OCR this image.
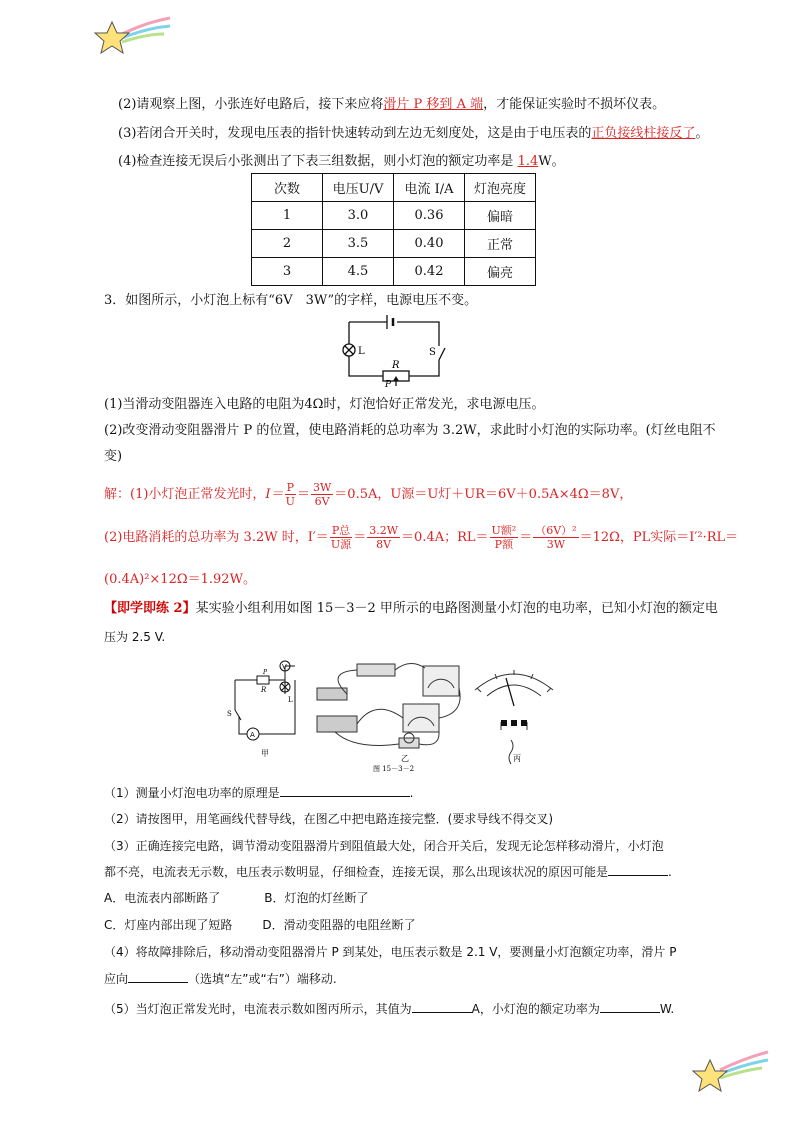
(2)请观察上图，小张连好电路后，接下来应将滑片 P 移到 A 端，才能保证实验时不损坏仪表。
(3)若闭合开关时，发现电压表的指针快速转动到左边无刻度处，这是由于电压表的正负接线柱接反了。
(4)检查连接无误后小张测出了下表三组数据，则小灯泡的额定功率是 1.4W。
次数	电压U/V	电流 I/A	灯泡亮度
1	3.0	0.36	偏暗
2	3.5	0.40	正常
3	4.5	0.42	偏亮
3．如图所示，小灯泡上标有“6V　3W”的字样，电源电压不变。
L	S
R
P
(1)当滑动变阻器连入电路的电阻为4Ω时，灯泡恰好正常发光，求电源电压。
(2)改变滑动变阻器滑片 P 的位置，使电路消耗的总功率为 3.2W，求此时小灯泡的实际功率。(灯丝电阻不
变)
解：(1)小灯泡正常发光时，$I= \frac{P}{U} = \frac{3W}{6V} =0.5A$，U源＝U灯＋UR＝6V＋0.5A×4Ω＝8V，
(2)电路消耗的总功率为 3.2W 时，$I'= \frac{\text{P总}}{\text{U源}} = \frac{3.2W}{8V} =0.4A$；$RL= \frac{\text{U额²}}{\text{P额}} = \frac{\text{（6V）²}}{3W} =12\Omega$，PL实际＝I′²·RL＝
(0.4A)²×12Ω＝1.92W。
【即学即练 2】某实验小组利用如图 15－3－2 甲所示的电路图测量小灯泡的电功率，已知小灯泡的额定电
压为 2.5 V.
V
A
R
P
L
S
甲
乙
图 15－3－2
丙
（1）测量小灯泡电功率的原理是	.
（2）请按图甲，用笔画线代替导线，在图乙中把电路连接完整．(要求导线不得交叉)
（3）正确连接完电路，调节滑动变阻器滑片到阻值最大处，闭合开关后，发现无论怎样移动滑片，小灯泡
都不亮，电流表无示数，电压表示数明显，仔细检查，连接无误，那么出现该状况的原因可能是	.
A．电流表内部断路了	B．灯泡的灯丝断了
C．灯座内部出现了短路	D．滑动变阻器的电阻丝断了
（4）将故障排除后，移动滑动变阻器滑片 P 到某处，电压表示数是 2.1 V，要测量小灯泡额定功率，滑片 P
应向	（选填“左”或“右”）端移动.
（5）当灯泡正常发光时，电流表示数如图丙所示，其值为	A，小灯泡的额定功率为	W.
